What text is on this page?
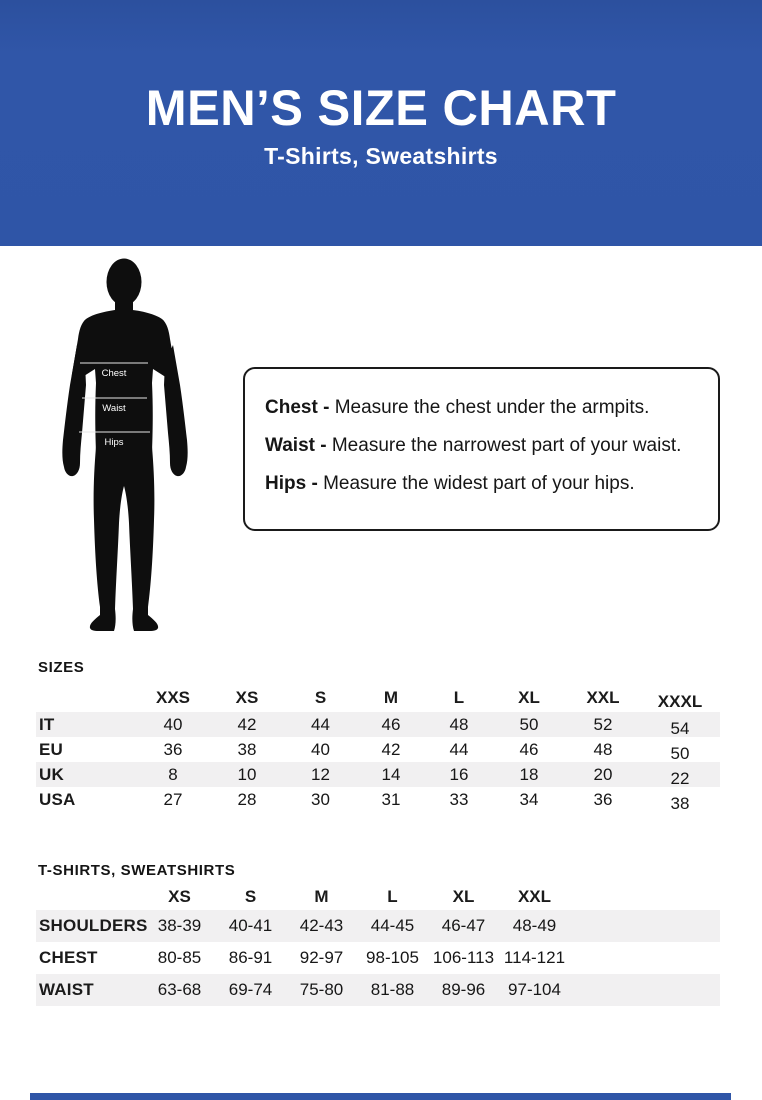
MEN’S SIZE CHART
T-Shirts, Sweatshirts
Chest
Waist
Hips

Chest - Measure the chest under the armpits.

Waist - Measure the narrowest part of your waist.

Hips - Measure the widest part of your hips.

SIZES
XXS	XS	S	M	L	XL	XXL	XXXL
IT	40	42	44	46	48	50	52	54
EU	36	38	40	42	44	46	48	50
UK	8	10	12	14	16	18	20	22
USA	27	28	30	31	33	34	36	38
T-SHIRTS, SWEATSHIRTS
XS	S	M	L	XL	XXL
SHOULDERS 38-39	40-41	42-43	44-45	46-47	48-49
CHEST	80-85	86-91	92-97	98-105 106-113 114-121
WAIST	63-68	69-74	75-80	81-88	89-96	97-104
